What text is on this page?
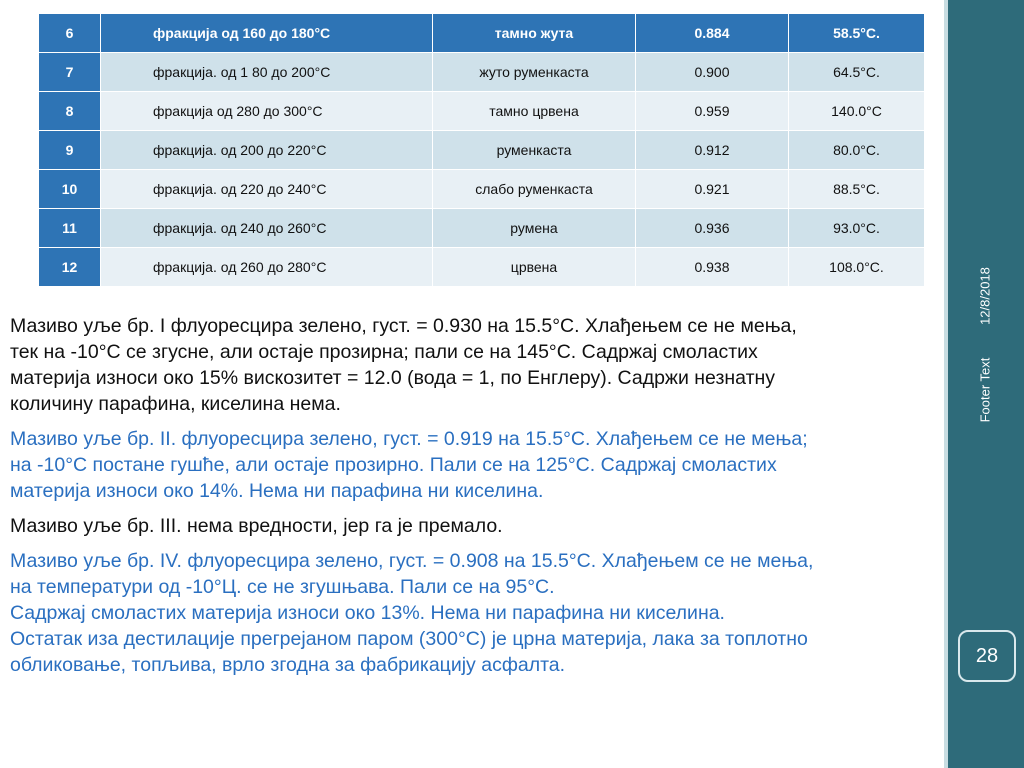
6	фракција од 160 до 180°C	тамно жута	0.884	58.5°C.
7	фракција. од 1 80 до 200°C	жуто руменкаста	0.900	64.5°C.
8	фракција од 280 до 300°C	тамно црвена	0.959	140.0°C
9	фракција. од 200 до 220°C	руменкаста	0.912	80.0°C.
10	фракција. од 220 до 240°C	слабо руменкаста	0.921	88.5°C.
11	фракција. од 240 до 260°C	румена	0.936	93.0°C.
12	фракција. од 260 до 280°C	црвена	0.938	108.0°C.

Мазиво уље бр. I флуоресцира зелено, густ. = 0.930 на 15.5°C. Хлађењем се не мења,
тек на -10°C се згусне, али остаје прозирна; пали се на 145°C. Садржај смоластих
материја износи око 15% вискозитет = 12.0 (вода = 1, по Енглеру). Садржи незнатну
количину парафина, киселина нема.

Мазиво уље бр. II. флуоресцира зелено, густ. = 0.919 на 15.5°C. Хлађењем се не мења;
на -10°C постане гушће, али остаје прозирно. Пали се на 125°C. Садржај смоластих
материја износи око 14%. Нема ни парафина ни киселина.

Мазиво уље бр. III. нема вредности, јер га је премало.

Мазиво уље бр. IV. флуоресцира зелено, густ. = 0.908 на 15.5°C. Хлађењем се не мења,
на температури од -10°Ц. се не згушњава. Пали се на 95°C.
Садржај смоластих материја износи око 13%. Нема ни парафина ни киселина.
Остатак иза дестилације прегрејаном паром (300°C) је црна материја, лака за топлотно
обликовање, топљива, врло згодна за фабрикацију асфалта.

12/8/2018
Footer Text
28
